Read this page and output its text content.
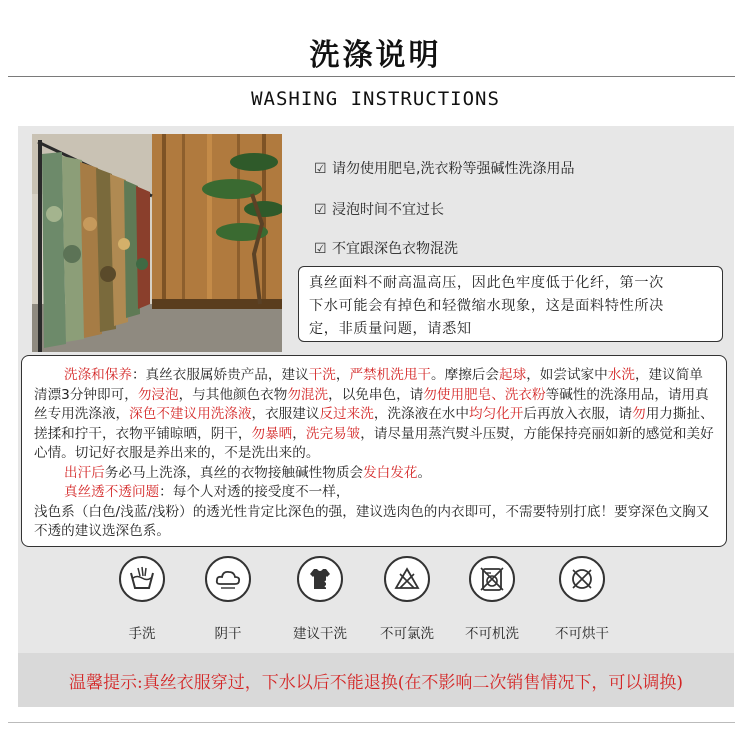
洗涤说明
WASHING INSTRUCTIONS
☑ 请勿使用肥皂,洗衣粉等强碱性洗涤用品
☑ 浸泡时间不宜过长
☑ 不宜跟深色衣物混洗
真丝面料不耐高温高压，因此色牢度低于化纤，第一次
下水可能会有掉色和轻微缩水现象，这是面料特性所决
定，非质量问题，请悉知

洗涤和保养：真丝衣服属娇贵产品，建议干洗，严禁机洗甩干。摩擦后会起球，如尝试家中水洗，建议简单清漂3分钟即可，勿浸泡，与其他颜色衣物勿混洗，以免串色，请勿使用肥皂、洗衣粉等碱性的洗涤用品，请用真丝专用洗涤液，深色不建议用洗涤液，衣服建议反过来洗，洗涤液在水中均匀化开后再放入衣服，请勿用力撕扯、搓揉和拧干，衣物平铺晾晒，阴干，勿暴晒，洗完易皱，请尽量用蒸汽熨斗压熨，方能保持亮丽如新的感觉和美好心情。切记好衣服是养出来的，不是洗出来的。

出汗后务必马上洗涤，真丝的衣物接触碱性物质会发白发花。

真丝透不透问题：每个人对透的接受度不一样，

浅色系（白色/浅蓝/浅粉）的透光性肯定比深色的强，建议选肉色的内衣即可，不需要特别打底！要穿深色文胸又不透的建议选深色系。

手洗	阴干	建议干洗	不可氯洗	不可机洗	不可烘干
温馨提示:真丝衣服穿过，下水以后不能退换(在不影响二次销售情况下，可以调换)
